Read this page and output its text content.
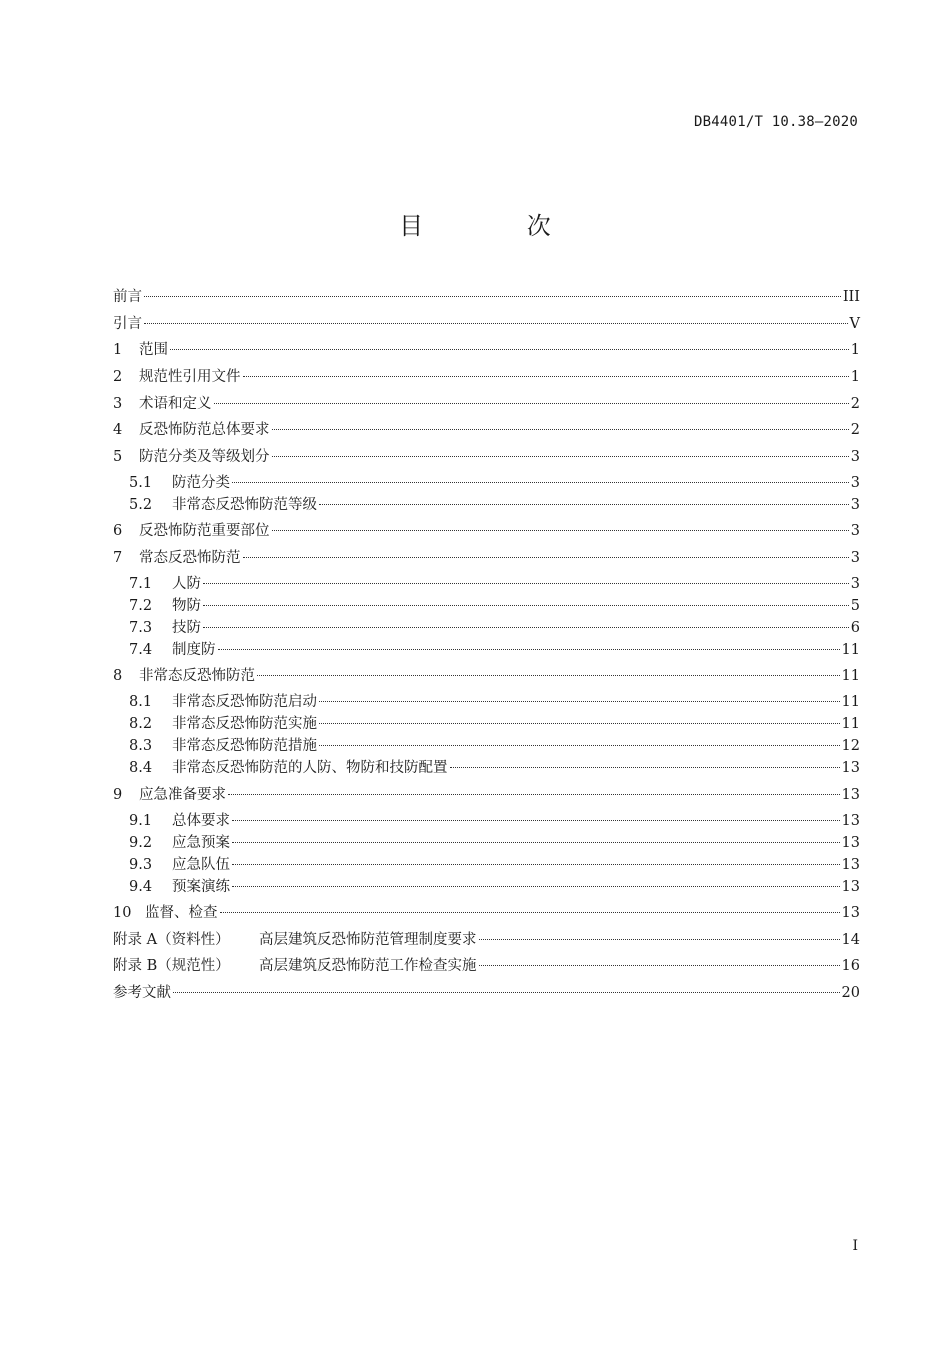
DB4401/T 10.38—2020
目 次
前言	III
引言	V
1	范围	1
2	规范性引用文件	1
3	术语和定义	2
4	反恐怖防范总体要求	2
5	防范分类及等级划分	3
5.1	防范分类	3
5.2	非常态反恐怖防范等级	3
6	反恐怖防范重要部位	3
7	常态反恐怖防范	3
7.1	人防	3
7.2	物防	5
7.3	技防	6
7.4	制度防	11
8	非常态反恐怖防范	11
8.1	非常态反恐怖防范启动	11
8.2	非常态反恐怖防范实施	11
8.3	非常态反恐怖防范措施	12
8.4	非常态反恐怖防范的人防、物防和技防配置	13
9	应急准备要求	13
9.1	总体要求	13
9.2	应急预案	13
9.3	应急队伍	13
9.4	预案演练	13
10 监督、检查	13
附录 A（资料性）	高层建筑反恐怖防范管理制度要求	14
附录 B（规范性）	高层建筑反恐怖防范工作检查实施	16
参考文献	20
I
